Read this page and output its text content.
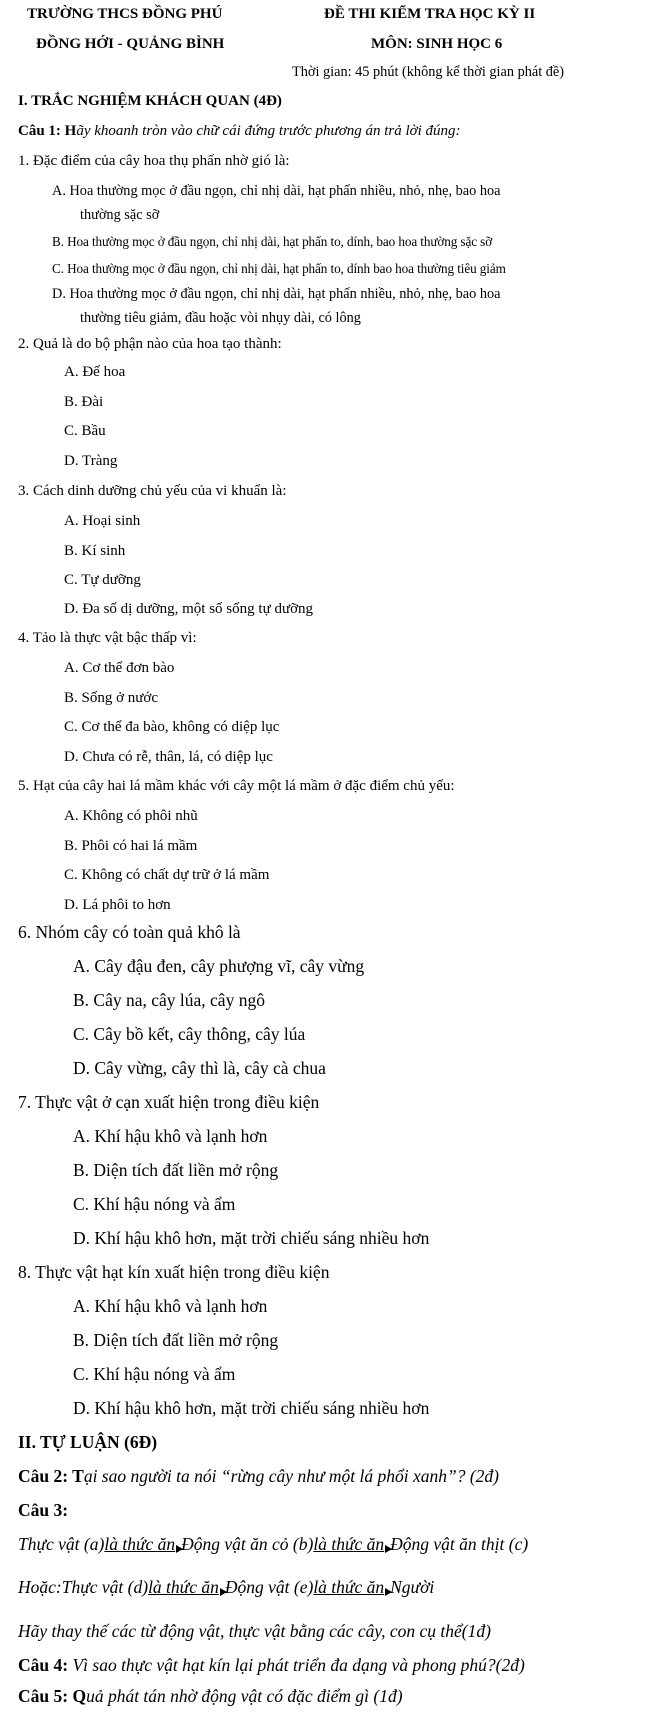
TRƯỜNG THCS ĐỒNG PHÚ
ĐỒNG HỚI - QUẢNG BÌNH
ĐỀ THI KIỂM TRA HỌC KỲ II
MÔN: SINH HỌC 6
Thời gian: 45 phút (không kể thời gian phát đề)
I. TRẮC NGHIỆM KHÁCH QUAN (4Đ)
Câu 1: Hãy khoanh tròn vào chữ cái đứng trước phương án trả lời đúng:
1. Đặc điểm của cây hoa thụ phấn nhờ gió là:
A. Hoa thường mọc ở đầu ngọn, chỉ nhị dài, hạt phấn nhiều, nhỏ, nhẹ, bao hoa
thường sặc sỡ
B. Hoa thường mọc ở đầu ngọn, chỉ nhị dài, hạt phấn to, dính, bao hoa thường sặc sỡ
C. Hoa thường mọc ở đầu ngọn, chỉ nhị dài, hạt phấn to, dính bao hoa thường tiêu giảm
D. Hoa thường mọc ở đầu ngọn, chỉ nhị dài, hạt phấn nhiều, nhỏ, nhẹ, bao hoa
thường tiêu giảm, đầu hoặc vòi nhụy dài, có lông
2. Quả là do bộ phận nào của hoa tạo thành:
A. Đế hoa
B. Đài
C. Bầu
D. Tràng
3. Cách dinh dưỡng chủ yếu của vi khuẩn là:
A. Hoại sinh
B. Kí sinh
C. Tự dưỡng
D. Đa số dị dưỡng, một số sống tự dưỡng
4. Tảo là thực vật bậc thấp vì:
A. Cơ thể đơn bào
B. Sống ở nước
C. Cơ thể đa bào, không có diệp lục
D. Chưa có rễ, thân, lá, có diệp lục
5. Hạt của cây hai lá mầm khác với cây một lá mầm ở đặc điểm chủ yếu:
A. Không có phôi nhũ
B. Phôi có hai lá mầm
C. Không có chất dự trữ ở lá mầm
D. Lá phôi to hơn
6. Nhóm cây có toàn quả khô là
A. Cây đậu đen, cây phượng vĩ, cây vừng
B. Cây na, cây lúa, cây ngô
C. Cây bồ kết, cây thông, cây lúa
D. Cây vừng, cây thì là, cây cà chua
7. Thực vật ở cạn xuất hiện trong điều kiện
A. Khí hậu khô và lạnh hơn
B. Diện tích đất liền mở rộng
C. Khí hậu nóng và ẩm
D. Khí hậu khô hơn, mặt trời chiếu sáng nhiều hơn
8. Thực vật hạt kín xuất hiện trong điều kiện
A. Khí hậu khô và lạnh hơn
B. Diện tích đất liền mở rộng
C. Khí hậu nóng và ẩm
D. Khí hậu khô hơn, mặt trời chiếu sáng nhiều hơn
II. TỰ LUẬN (6Đ)
Câu 2: Tại sao người ta nói “rừng cây như một lá phổi xanh”? (2đ)
Câu 3:
Thực vật (a)là thức ănĐộng vật ăn cỏ (b)là thức ănĐộng vật ăn thịt (c)
Hoặc:Thực vật (d)là thức ănĐộng vật (e)là thức ănNgười
Hãy thay thế các từ động vật, thực vật bằng các cây, con cụ thể(1đ)
Câu 4: Vì sao thực vật hạt kín lại phát triển đa dạng và phong phú?(2đ)
Câu 5: Quả phát tán nhờ động vật có đặc điểm gì (1đ)
